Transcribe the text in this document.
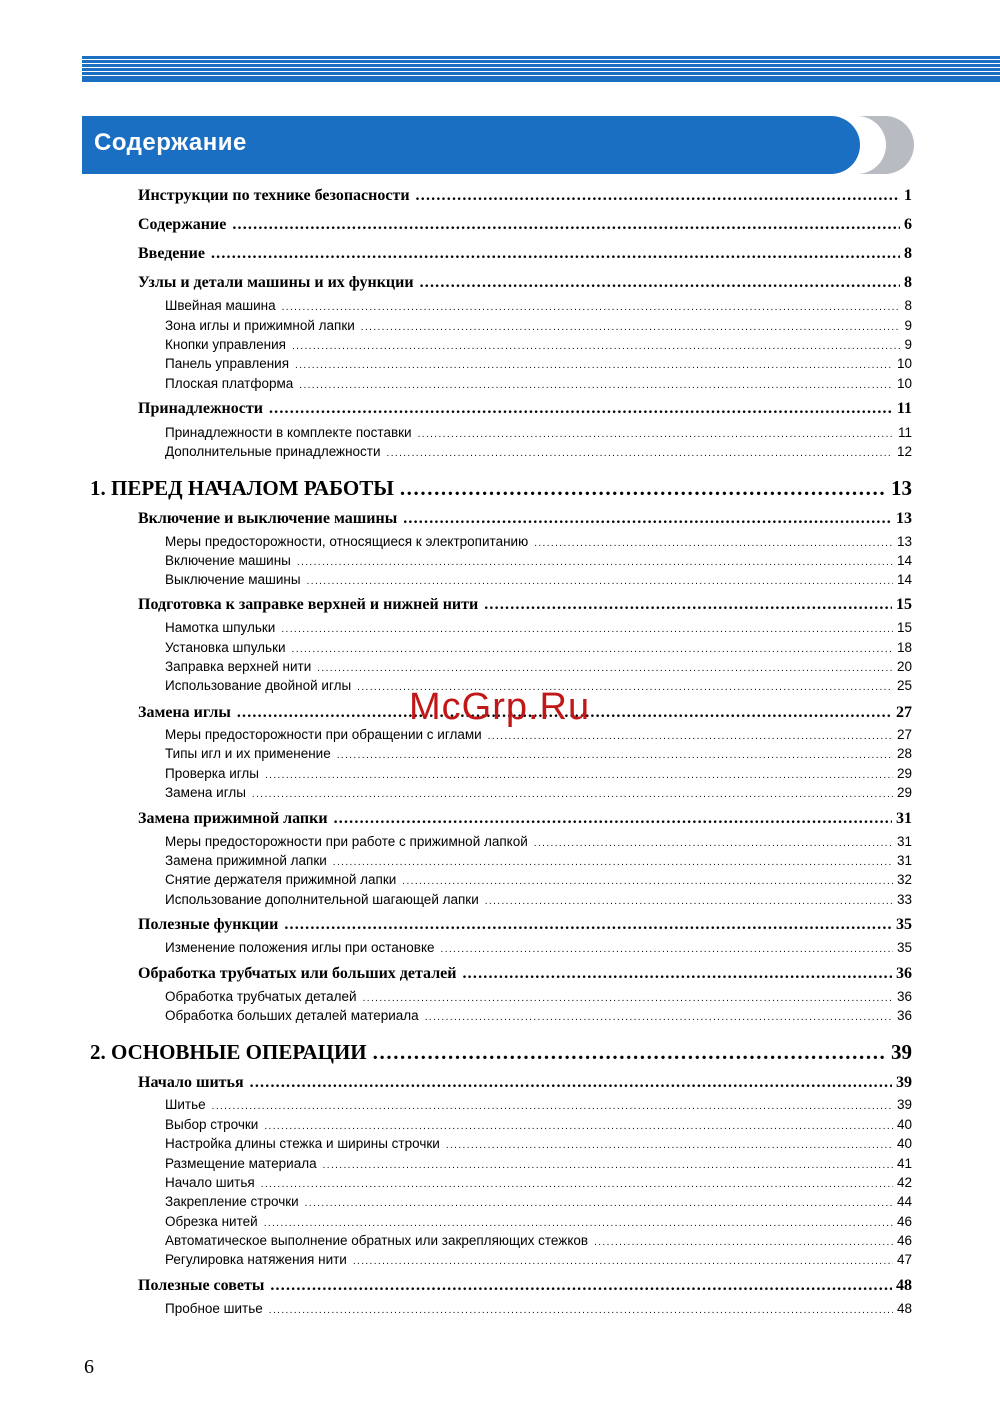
Содержание
Инструкции по технике безопасности .....	1
Содержание .....	6
Введение .....	8
Узлы и детали машины и их функции .....	8
Швейная машина .....	8
Зона иглы и прижимной лапки .....	9
Кнопки управления .....	9
Панель управления .....	10
Плоская платформа .....	10
Принадлежности .....	11
Принадлежности в комплекте поставки .....	11
Дополнительные принадлежности .....	12
1. ПЕРЕД НАЧАЛОМ РАБОТЫ .....	13
Включение и выключение машины .....	13
Меры предосторожности, относящиеся к электропитанию .....	13
Включение машины .....	14
Выключение машины .....	14
Подготовка к заправке верхней и нижней нити .....	15
Намотка шпульки .....	15
Установка шпульки .....	18
Заправка верхней нити .....	20
Использование двойной иглы .....	25
Замена иглы .....	27
Меры предосторожности при обращении с иглами .....	27
Типы игл и их применение .....	28
Проверка иглы .....	29
Замена иглы .....	29
Замена прижимной лапки .....	31
Меры предосторожности при работе с прижимной лапкой .....	31
Замена прижимной лапки .....	31
Снятие держателя прижимной лапки .....	32
Использование дополнительной шагающей лапки .....	33
Полезные функции .....	35
Изменение положения иглы при остановке .....	35
Обработка трубчатых или больших деталей .....	36
Обработка трубчатых деталей .....	36
Обработка больших деталей материала .....	36
2. ОСНОВНЫЕ ОПЕРАЦИИ .....	39
Начало шитья .....	39
Шитье .....	39
Выбор строчки .....	40
Настройка длины стежка и ширины строчки .....	40
Размещение материала .....	41
Начало шитья .....	42
Закрепление строчки .....	44
Обрезка нитей .....	46
Автоматическое выполнение обратных или закрепляющих стежков .....	46
Регулировка натяжения нити .....	47
Полезные советы .....	48
Пробное шитье .....	48
McGrp.Ru
6
